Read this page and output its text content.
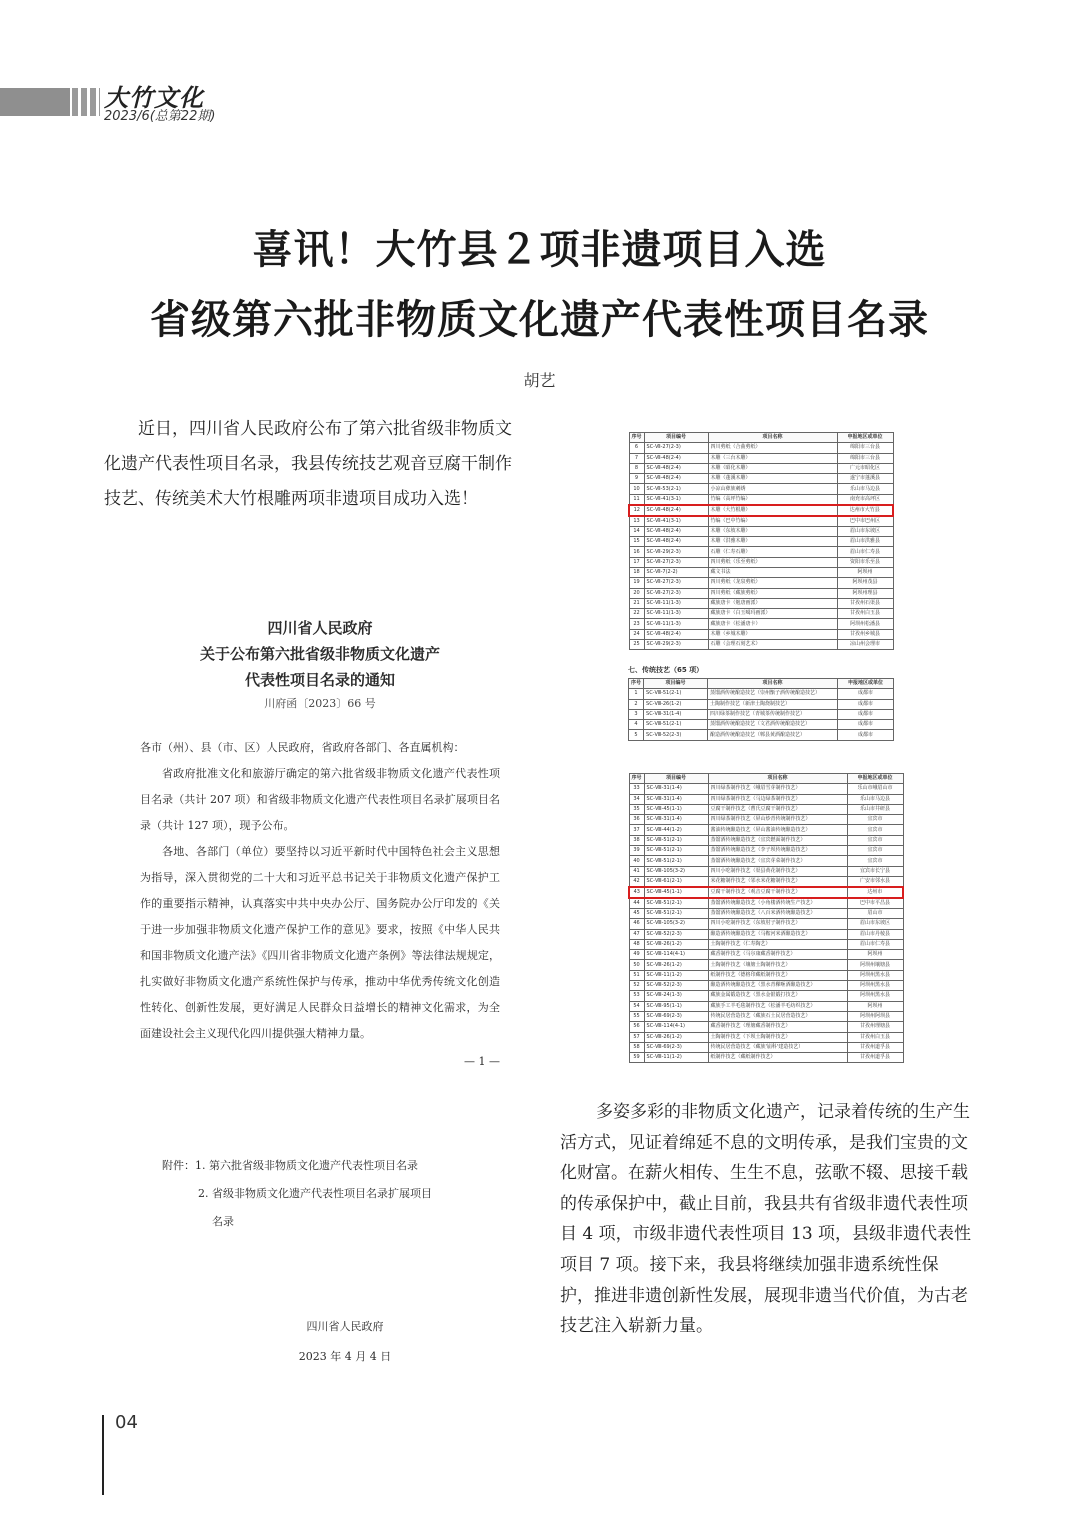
大竹文化
2023/6(总第22期)
喜讯！大竹县２项非遗项目入选
省级第六批非物质文化遗产代表性项目名录
胡艺
近日，四川省人民政府公布了第六批省级非物质文化遗产代表性项目名录，我县传统技艺观音豆腐干制作技艺、传统美术大竹根雕两项非遗项目成功入选！
四川省人民政府
关于公布第六批省级非物质文化遗产
代表性项目名录的通知
川府函〔2023〕66 号

各市（州）、县（市、区）人民政府，省政府各部门、各直属机构：

省政府批准文化和旅游厅确定的第六批省级非物质文化遗产代表性项目名录（共计 207 项）和省级非物质文化遗产代表性项目名录扩展项目名录（共计 127 项），现予公布。

各地、各部门（单位）要坚持以习近平新时代中国特色社会主义思想为指导，深入贯彻党的二十大和习近平总书记关于非物质文化遗产保护工作的重要指示精神，认真落实中共中央办公厅、国务院办公厅印发的《关于进一步加强非物质文化遗产保护工作的意见》要求，按照《中华人民共和国非物质文化遗产法》《四川省非物质文化遗产条例》等法律法规规定，扎实做好非物质文化遗产系统性保护与传承，推动中华优秀传统文化创造性转化、创新性发展，更好满足人民群众日益增长的精神文化需求，为全面建设社会主义现代化四川提供强大精神力量。

— 1 —
附件：1. 第六批省级非物质文化遗产代表性项目名录
2. 省级非物质文化遗产代表性项目名录扩展项目
名录
四川省人民政府
2023 年 4 月 4 日
序号	项目编号	项目名称	申报地区或单位
6	SC-Ⅶ-27(2-3)	四川剪纸（合曲剪纸）	绵阳市三台县
7	SC-Ⅶ-48(2-4)	木雕（三台木雕）	绵阳市三台县
8	SC-Ⅶ-48(2-4)	木雕（昭化木雕）	广元市昭化区
9	SC-Ⅶ-48(2-4)	木雕（蓬溪木雕）	遂宁市蓬溪县
10	SC-Ⅶ-53(2-1)	小凉山彝族刺绣	乐山市马边县
11	SC-Ⅶ-41(3-1)	竹编（高坪竹编）	南充市高坪区
12	SC-Ⅶ-48(2-4)	木雕（大竹根雕）	达州市大竹县
13	SC-Ⅶ-41(3-1)	竹编（巴中竹编）	巴中市巴州区
14	SC-Ⅶ-48(2-4)	木雕（东坡木雕）	眉山市东坡区
15	SC-Ⅶ-48(2-4)	木雕（洪雅木雕）	眉山市洪雅县
16	SC-Ⅶ-29(2-3)	石雕（仁寿石雕）	眉山市仁寿县
17	SC-Ⅶ-27(2-3)	四川剪纸（乐至剪纸）	资阳市乐至县
18	SC-Ⅶ-7(2-2)	藏文书法	阿坝州
19	SC-Ⅶ-27(2-3)	四川剪纸（龙泉剪纸）	阿坝州茂县
20	SC-Ⅶ-27(2-3)	四川剪纸（藏族剪纸）	阿坝州理县
21	SC-Ⅶ-11(1-3)	藏族唐卡（勉唐画派）	甘孜州石渠县
22	SC-Ⅶ-11(1-3)	藏族唐卡（白玉噶玛画派）	甘孜州白玉县
23	SC-Ⅶ-11(1-3)	藏族唐卡（松潘唐卡）	阿坝州松潘县
24	SC-Ⅶ-48(2-4)	木雕（乡城木雕）	甘孜州乡城县
25	SC-Ⅶ-29(2-3)	石雕（会理石刻艺术）	凉山州会理市
七、传统技艺（65 项）
序号	项目编号	项目名称	申报地区或单位
1	SC-Ⅷ-51(2-1)	蒸馏酒传统酿造技艺（崇州甑子酒传统酿造技艺）	成都市
2	SC-Ⅷ-26(1-2)	土陶制作技艺（新津土陶烧制技艺）	成都市
3	SC-Ⅷ-31(1-4)	四川绿茶制作技艺（青城茶传统制作技艺）	成都市
4	SC-Ⅷ-51(2-1)	蒸馏酒传统酿造技艺（文君酒传统酿造技艺）	成都市
5	SC-Ⅷ-52(2-3)	酿造酒传统酿造技艺（郫县黄酒酿造技艺）	成都市
序号	项目编号	项目名称	申报地区或单位
33	SC-Ⅷ-31(1-4)	四川绿茶制作技艺（峨眉雪芽制作技艺）	乐山市峨眉山市
34	SC-Ⅷ-31(1-4)	四川绿茶制作技艺（马边绿茶制作技艺）	乐山市马边县
35	SC-Ⅷ-45(1-1)	豆腐干制作技艺（曹氏豆腐干制作技艺）	乐山市井研县
36	SC-Ⅷ-31(1-4)	四川绿茶制作技艺（屏山炒青传统制作技艺）	宜宾市
37	SC-Ⅷ-44(1-2)	酱油传统酿造技艺（屏山酱油传统酿造技艺）	宜宾市
38	SC-Ⅷ-51(2-1)	蒸馏酒传统酿造技艺（宜宾燃面制作技艺）	宜宾市
39	SC-Ⅷ-51(2-1)	蒸馏酒传统酿造技艺（李子坝传统酿造技艺）	宜宾市
40	SC-Ⅷ-51(2-1)	蒸馏酒传统酿造技艺（宜宾芽菜制作技艺）	宜宾市
41	SC-Ⅷ-105(3-2)	四川小吃制作技艺（渠县黄花制作技艺）	宜宾市长宁县
42	SC-Ⅷ-61(2-1)	米花糖制作技艺（邻水米花糖制作技艺）	广安市邻水县
43	SC-Ⅷ-45(1-1)	豆腐干制作技艺（观音豆腐干制作技艺）	达州市
44	SC-Ⅷ-51(2-1)	蒸馏酒传统酿造技艺（小角楼酒传统生产技艺）	巴中市平昌县
45	SC-Ⅷ-51(2-1)	蒸馏酒传统酿造技艺（八百米酒传统酿造技艺）	眉山市
46	SC-Ⅷ-105(3-2)	四川小吃制作技艺（东坡肘子制作技艺）	眉山市东坡区
47	SC-Ⅷ-52(2-3)	酿造酒传统酿造技艺（马鞍河米酒酿造技艺）	眉山市丹棱县
48	SC-Ⅷ-26(1-2)	土陶制作技艺（仁寿陶艺）	眉山市仁寿县
49	SC-Ⅷ-114(4-1)	藏香制作技艺（马尔康藏香制作技艺）	阿坝州
50	SC-Ⅷ-26(1-2)	土陶制作技艺（壤塘土陶制作技艺）	阿坝州壤塘县
51	SC-Ⅷ-11(1-2)	纸制作技艺（德格印藏纸制作技艺）	阿坝州黑水县
52	SC-Ⅷ-52(2-3)	酿造酒传统酿造技艺（黑水青稞咂酒酿造技艺）	阿坝州黑水县
53	SC-Ⅷ-24(1-3)	藏族金属锻造技艺（黑水金银锻打技艺）	阿坝州黑水县
54	SC-Ⅷ-95(1-1)	藏族手工羊毛毯制作技艺（松潘羊毛纺织技艺）	阿坝州
55	SC-Ⅷ-69(2-3)	传统民居营造技艺（藏族石土民居营造技艺）	阿坝州阿坝县
56	SC-Ⅷ-114(4-1)	藏香制作技艺（理塘藏香制作技艺）	甘孜州理塘县
57	SC-Ⅷ-26(1-2)	土陶制作技艺（下坝土陶制作技艺）	甘孜州白玉县
58	SC-Ⅷ-69(2-3)	传统民居营造技艺（藏族'崩科'建造技艺）	甘孜州道孚县
59	SC-Ⅷ-11(1-2)	纸制作技艺（藏纸制作技艺）	甘孜州道孚县
多姿多彩的非物质文化遗产，记录着传统的生产生活方式，见证着绵延不息的文明传承，是我们宝贵的文化财富。在薪火相传、生生不息，弦歌不辍、思接千载的传承保护中，截止目前，我县共有省级非遗代表性项目 4 项，市级非遗代表性项目 13 项，县级非遗代表性项目 7 项。接下来，我县将继续加强非遗系统性保护，推进非遗创新性发展，展现非遗当代价值，为古老技艺注入崭新力量。
04
